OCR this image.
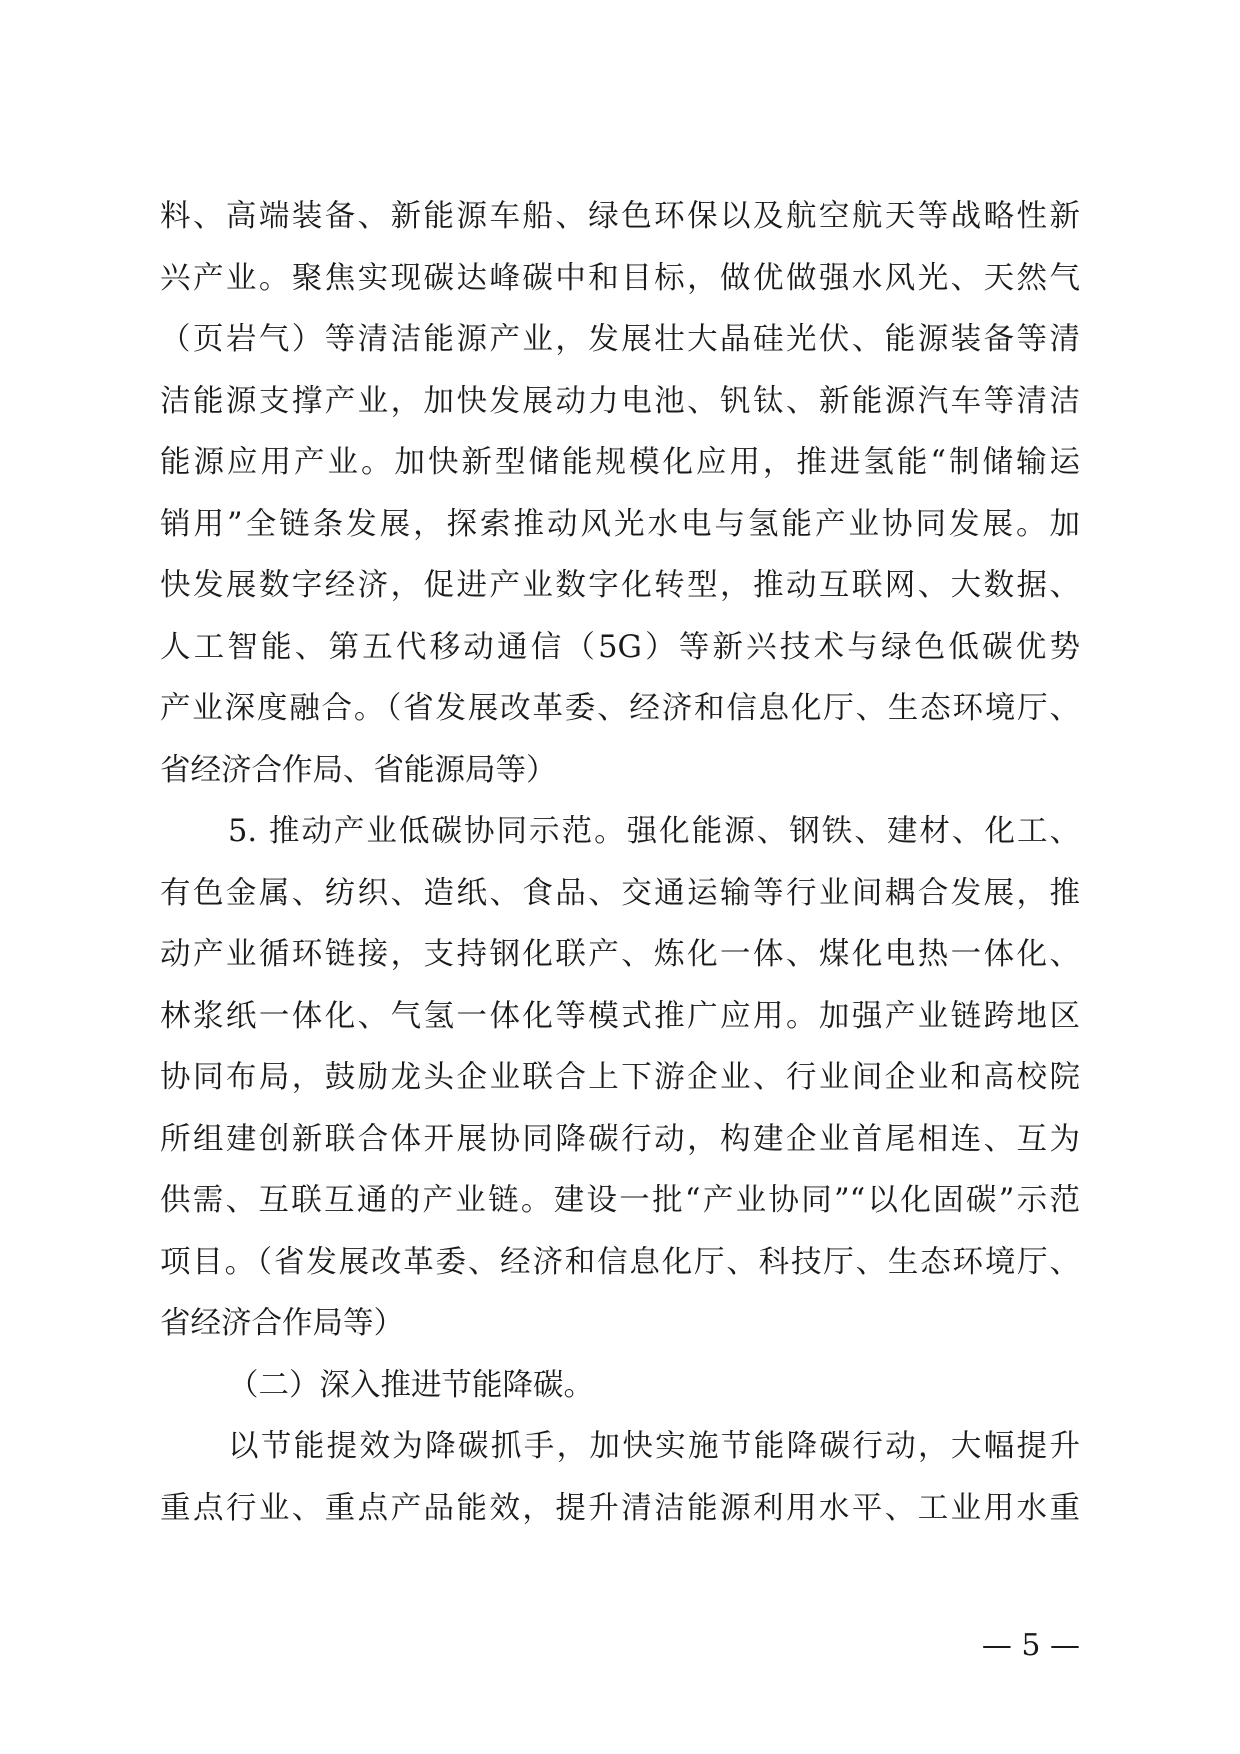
料、高端装备、新能源车船、绿色环保以及航空航天等战略性新
兴产业。聚焦实现碳达峰碳中和目标，做优做强水风光、天然气
（页岩气）等清洁能源产业，发展壮大晶硅光伏、能源装备等清
洁能源支撑产业，加快发展动力电池、钒钛、新能源汽车等清洁
能源应用产业。加快新型储能规模化应用，推进氢能“制储输运
销用”全链条发展，探索推动风光水电与氢能产业协同发展。加
快发展数字经济，促进产业数字化转型，推动互联网、大数据、
人工智能、第五代移动通信（5G）等新兴技术与绿色低碳优势
产业深度融合。（省发展改革委、经济和信息化厅、生态环境厅、
省经济合作局、省能源局等）
5. 推动产业低碳协同示范。强化能源、钢铁、建材、化工、
有色金属、纺织、造纸、食品、交通运输等行业间耦合发展，推
动产业循环链接，支持钢化联产、炼化一体、煤化电热一体化、
林浆纸一体化、气氢一体化等模式推广应用。加强产业链跨地区
协同布局，鼓励龙头企业联合上下游企业、行业间企业和高校院
所组建创新联合体开展协同降碳行动，构建企业首尾相连、互为
供需、互联互通的产业链。建设一批“产业协同”“以化固碳”示范
项目。（省发展改革委、经济和信息化厅、科技厅、生态环境厅、
省经济合作局等）
（二）深入推进节能降碳。
以节能提效为降碳抓手，加快实施节能降碳行动，大幅提升
重点行业、重点产品能效，提升清洁能源利用水平、工业用水重
— 5 —
